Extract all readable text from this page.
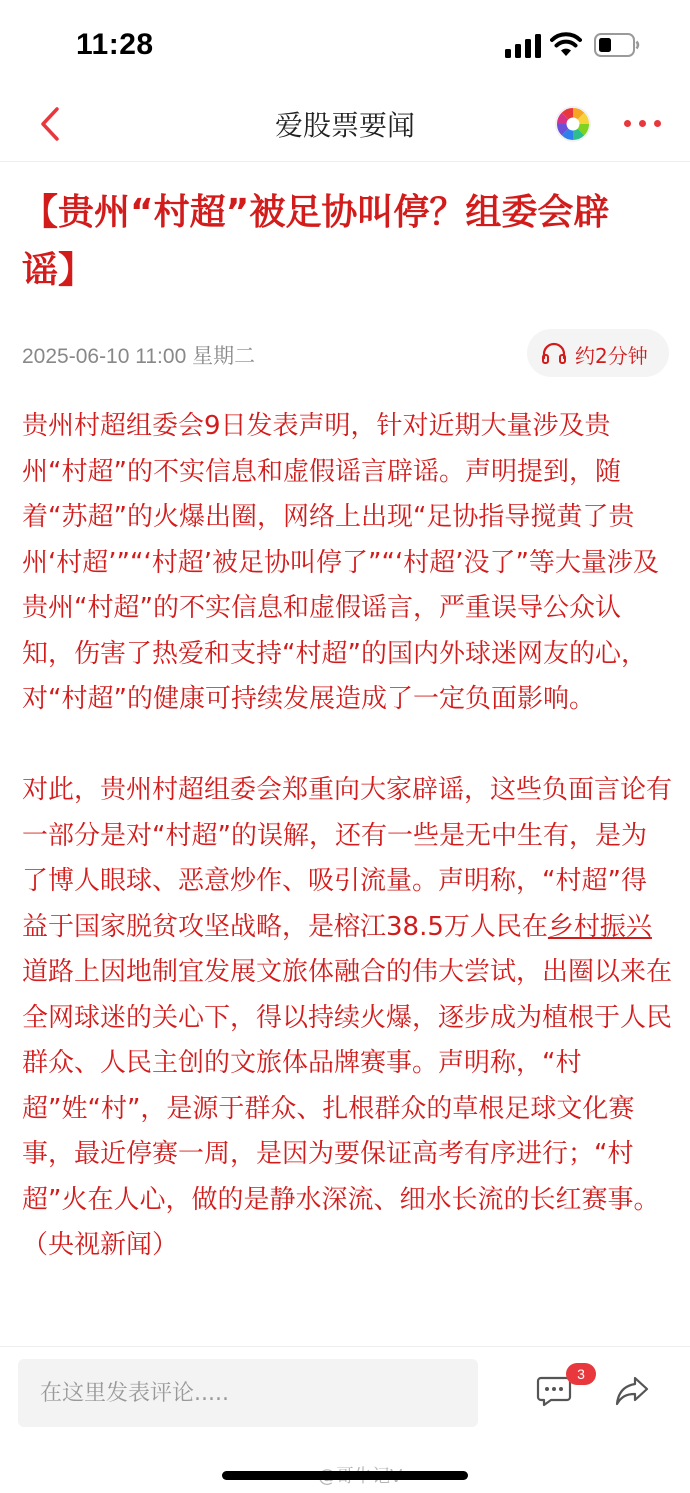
11:28
爱股票要闻
【贵州“村超”被足协叫停？组委会辟谣】
2025-06-10 11:00 星期二	约2分钟

贵州村超组委会9日发表声明，针对近期大量涉及贵州“村超”的不实信息和虚假谣言辟谣。声明提到，随着“苏超”的火爆出圈，网络上出现“足协指导搅黄了贵州‘村超’”“‘村超’被足协叫停了”“‘村超’没了”等大量涉及贵州“村超”的不实信息和虚假谣言，严重误导公众认知，伤害了热爱和支持“村超”的国内外球迷网友的心，对“村超”的健康可持续发展造成了一定负面影响。

对此，贵州村超组委会郑重向大家辟谣，这些负面言论有一部分是对“村超”的误解，还有一些是无中生有，是为了博人眼球、恶意炒作、吸引流量。声明称，“村超”得益于国家脱贫攻坚战略，是榕江38.5万人民在乡村振兴道路上因地制宜发展文旅体融合的伟大尝试，出圈以来在全网球迷的关心下，得以持续火爆，逐步成为植根于人民群众、人民主创的文旅体品牌赛事。声明称，“村超”姓“村”，是源于群众、扎根群众的草根足球文化赛事，最近停赛一周，是因为要保证高考有序进行；“村超”火在人心，做的是静水深流、细水长流的长红赛事。（央视新闻）

在这里发表评论.....
3
